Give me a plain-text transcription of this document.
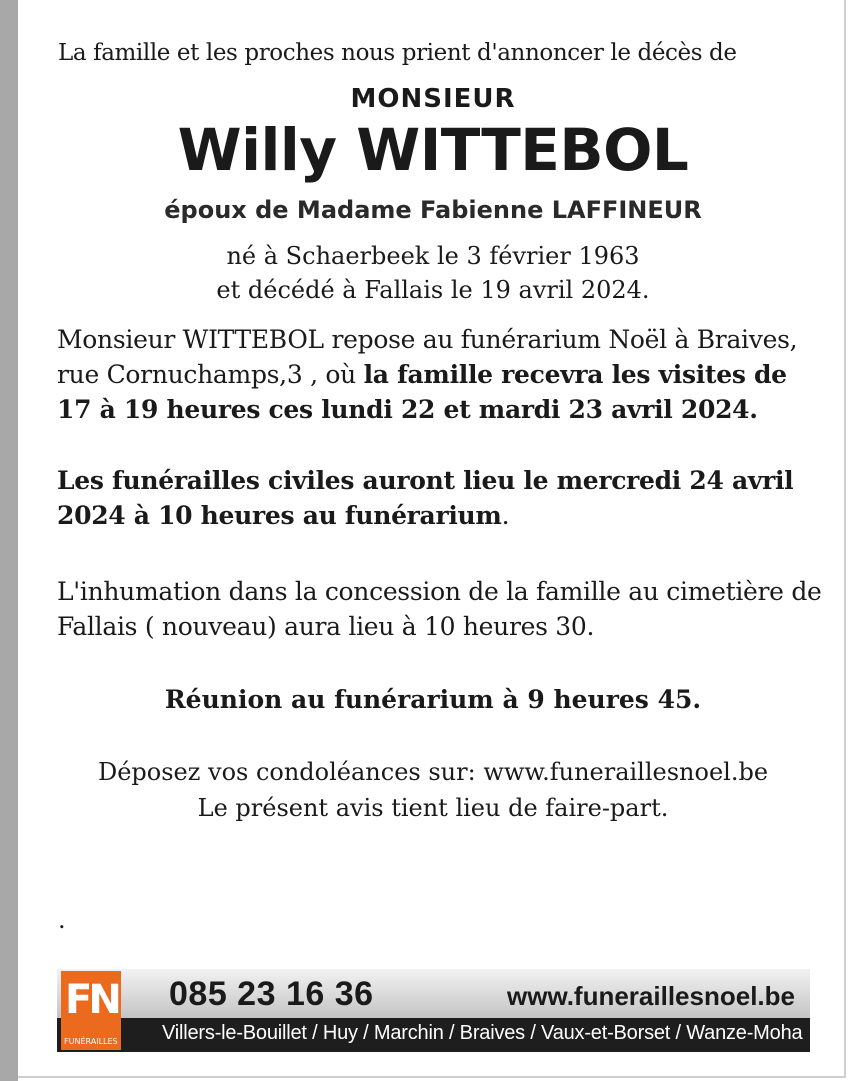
La famille et les proches nous prient d'annoncer le décès de
MONSIEUR
Willy WITTEBOL
époux de Madame Fabienne LAFFINEUR
né à Schaerbeek le 3 février 1963
et décédé à Fallais le 19 avril 2024.
Monsieur WITTEBOL repose au funérarium Noël à Braives, rue Cornuchamps,3 , où la famille recevra les visites de 17 à 19 heures ces lundi 22 et mardi 23 avril 2024.
Les funérailles civiles auront lieu le mercredi 24 avril 2024 à 10 heures au funérarium.
L'inhumation dans la concession de la famille au cimetière de Fallais ( nouveau) aura lieu à 10 heures 30.
Réunion au funérarium à 9 heures 45.
Déposez vos condoléances sur: www.funeraillesnoel.be
Le présent avis tient lieu de faire-part.
.
FN
FUNÉRAILLES
085 23 16 36	www.funeraillesnoel.be
Villers-le-Bouillet / Huy / Marchin / Braives / Vaux-et-Borset / Wanze-Moha
